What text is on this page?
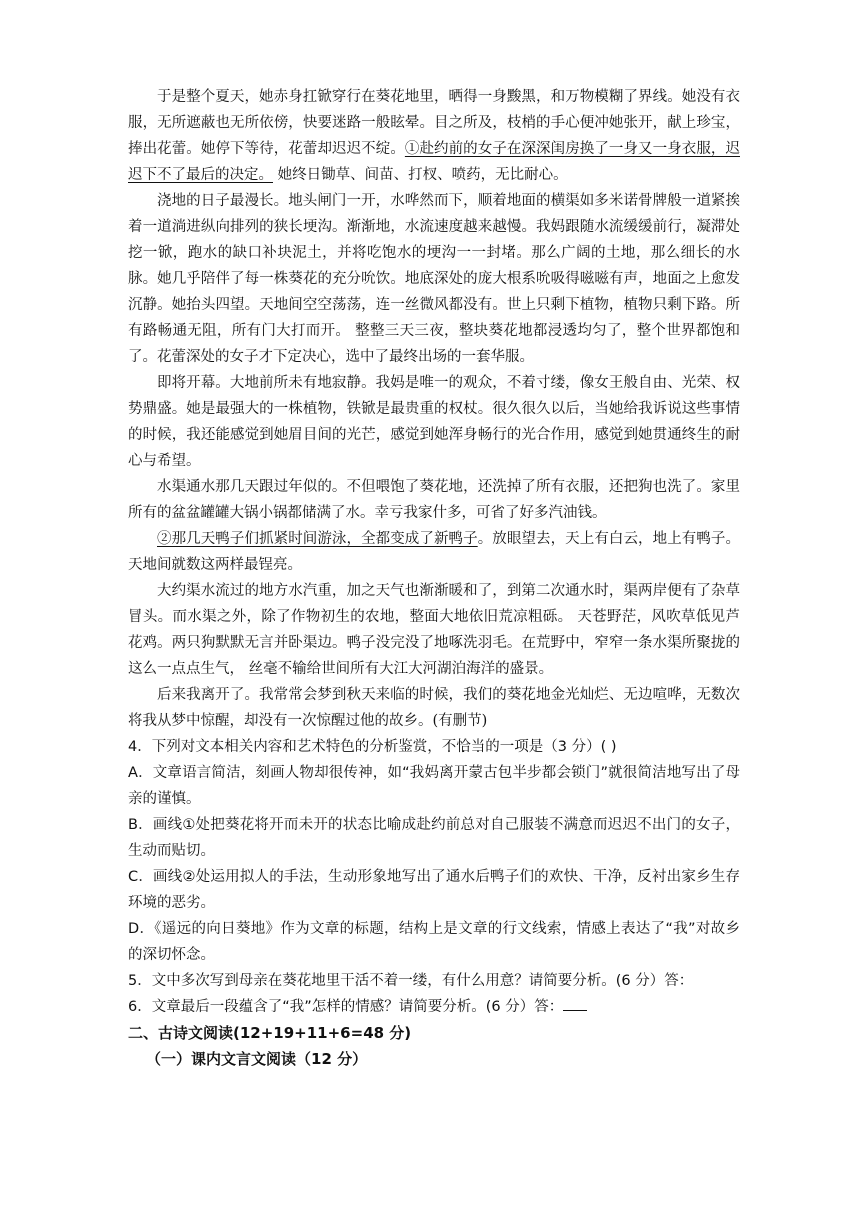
于是整个夏天，她赤身扛锨穿行在葵花地里，晒得一身黢黑，和万物模糊了界线。她没有衣服，无所遮蔽也无所依傍，快要迷路一般眩晕。目之所及，枝梢的手心便冲她张开，献上珍宝，捧出花蕾。她停下等待，花蕾却迟迟不绽。①赴约前的女子在深深闺房换了一身又一身衣服，迟迟下不了最后的决定。 她终日锄草、间苗、打杈、喷药，无比耐心。

浇地的日子最漫长。地头闸门一开，水哗然而下，顺着地面的横渠如多米诺骨牌般一道紧挨着一道淌进纵向排列的狭长埂沟。渐渐地，水流速度越来越慢。我妈跟随水流缓缓前行，凝滞处挖一锨，跑水的缺口补块泥土，并将吃饱水的埂沟一一封堵。那么广阔的土地，那么细长的水脉。她几乎陪伴了每一株葵花的充分吮饮。地底深处的庞大根系吮吸得嗞嗞有声，地面之上愈发沉静。她抬头四望。天地间空空荡荡，连一丝微风都没有。世上只剩下植物，植物只剩下路。所有路畅通无阻，所有门大打而开。 整整三天三夜，整块葵花地都浸透均匀了，整个世界都饱和了。花蕾深处的女子才下定决心，选中了最终出场的一套华服。

即将开幕。大地前所未有地寂静。我妈是唯一的观众，不着寸缕，像女王般自由、光荣、权势鼎盛。她是最强大的一株植物，铁锨是最贵重的权杖。很久很久以后，当她给我诉说这些事情的时候，我还能感觉到她眉目间的光芒，感觉到她浑身畅行的光合作用，感觉到她贯通终生的耐心与希望。

水渠通水那几天跟过年似的。不但喂饱了葵花地，还洗掉了所有衣服，还把狗也洗了。家里所有的盆盆罐罐大锅小锅都储满了水。幸亏我家什多，可省了好多汽油钱。

②那几天鸭子们抓紧时间游泳，全都变成了新鸭子。放眼望去，天上有白云，地上有鸭子。天地间就数这两样最锃亮。

大约渠水流过的地方水汽重，加之天气也渐渐暖和了，到第二次通水时，渠两岸便有了杂草冒头。而水渠之外，除了作物初生的农地，整面大地依旧荒凉粗砾。 天苍野茫，风吹草低见芦花鸡。两只狗默默无言并卧渠边。鸭子没完没了地啄洗羽毛。在荒野中，窄窄一条水渠所聚拢的这么一点点生气， 丝毫不输给世间所有大江大河湖泊海洋的盛景。

后来我离开了。我常常会梦到秋天来临的时候，我们的葵花地金光灿烂、无边喧哗，无数次将我从梦中惊醒，却没有一次惊醒过他的故乡。(有删节)

4．下列对文本相关内容和艺术特色的分析鉴赏，不恰当的一项是（3 分）( )

A．文章语言简洁，刻画人物却很传神，如“我妈离开蒙古包半步都会锁门”就很简洁地写出了母亲的谨慎。

B．画线①处把葵花将开而未开的状态比喻成赴约前总对自己服装不满意而迟迟不出门的女子，生动而贴切。

C．画线②处运用拟人的手法，生动形象地写出了通水后鸭子们的欢快、干净，反衬出家乡生存环境的恶劣。

D．《遥远的向日葵地》作为文章的标题，结构上是文章的行文线索，情感上表达了“我”对故乡的深切怀念。

5．文中多次写到母亲在葵花地里干活不着一缕，有什么用意？请简要分析。(6 分）答：

6．文章最后一段蕴含了“我”怎样的情感？请简要分析。(6 分）答：

二、古诗文阅读(12+19+11+6=48 分)

（一）课内文言文阅读（12 分）
